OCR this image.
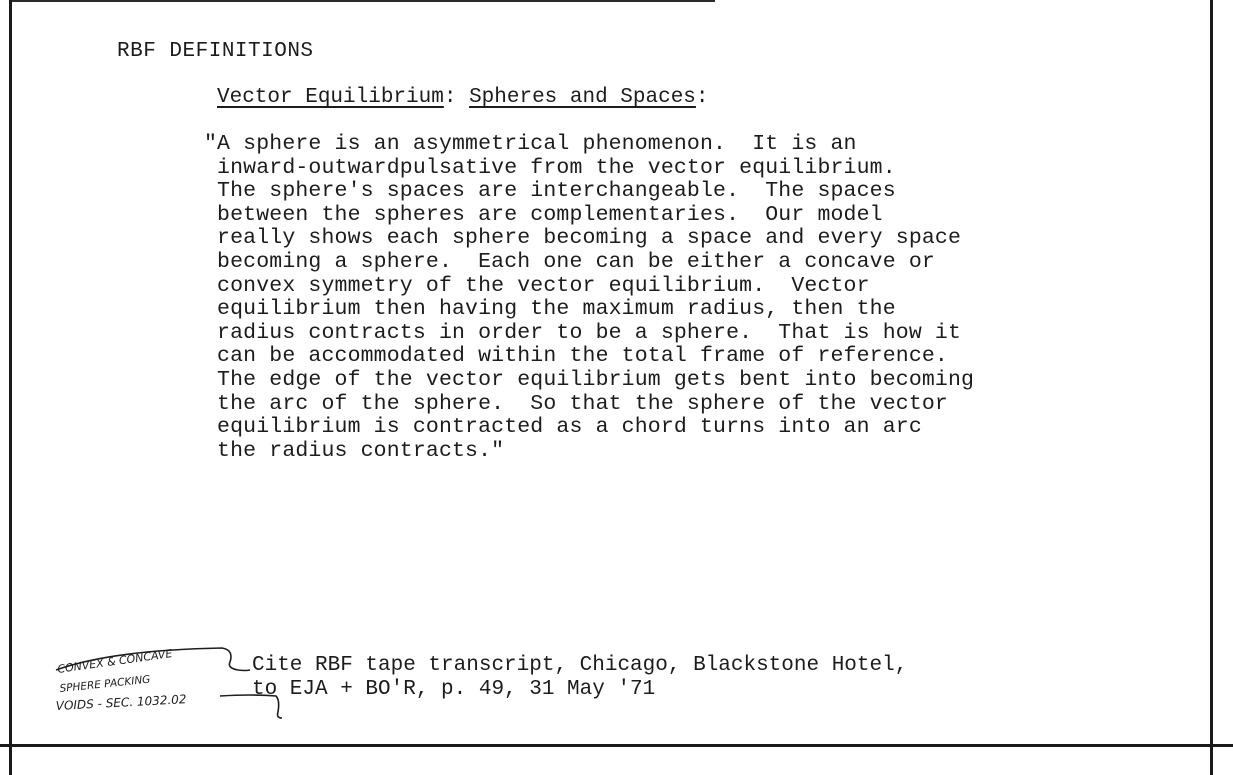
RBF DEFINITIONS
Vector Equilibrium: Spheres and Spaces:
"A sphere is an asymmetrical phenomenon.  It is an
inward-outwardpulsative from the vector equilibrium.
The sphere's spaces are interchangeable.  The spaces
between the spheres are complementaries.  Our model
really shows each sphere becoming a space and every space
becoming a sphere.  Each one can be either a concave or
convex symmetry of the vector equilibrium.  Vector
equilibrium then having the maximum radius, then the
radius contracts in order to be a sphere.  That is how it
can be accommodated within the total frame of reference.
The edge of the vector equilibrium gets bent into becoming
the arc of the sphere.  So that the sphere of the vector
equilibrium is contracted as a chord turns into an arc
the radius contracts."
Cite RBF tape transcript, Chicago, Blackstone Hotel,
to EJA + BO'R, p. 49, 31 May '71
CONVEX & CONCAVE
SPHERE PACKING
VOIDS - SEC. 1032.02
